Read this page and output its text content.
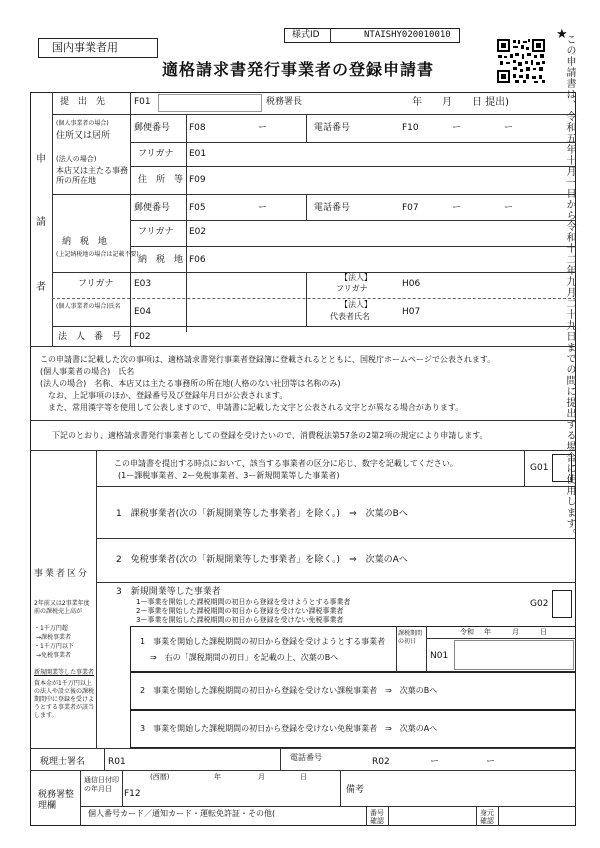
国内事業者用
様式ID	NTAISHY020010010
適格請求書発行事業者の登録申請書
★
この申請書は、令和五年十月一日から令和十二年九月二十九日までの間に提出する場合に使用します。
申
請
者
提　出　先	F01	税務署長	年　　月　　日 提出)
(個人事業者の場合)
住所又は居所
(法人の場合)
本店又は主たる事務所の所在地
郵便番号 F08	ー	電話番号	F10	ー	ー
フリガナ E01
住　所　等 F09
郵便番号 F05	ー	電話番号	F07	ー	ー
フリガナ E02
納　税　地
(上記納税地の場合は記載不要)
納　税　地 F06
フリガナ E03
【法人】
フリガナ	H06
(個人事業者の場合)氏名
E04
【法人】
代表者氏名	H07
法　人　番　号 F02
この申請書に記載した次の事項は、適格請求書発行事業者登録簿に登載されるとともに、国税庁ホームページで公表されます。
(個人事業者の場合)　氏名
(法人の場合)　名称、本店又は主たる事務所の所在地(人格のない社団等は名称のみ)
なお、上記事項のほか、登録番号及び登録年月日が公表されます。
また、常用漢字等を使用して公表しますので、申請書に記載した文字と公表される文字とが異なる場合があります。
下記のとおり、適格請求書発行事業者としての登録を受けたいので、消費税法第57条の2第2項の規定により申請します。
事業者区分
2年前又は2事業年度前の課税売上高が
・1千万円超
→課税事業者
・1千万円以下
→免税事業者
新規開業等した事業者
資本金が1千万円以上の法人や設立後の課税期間中に登録を受けようとする事業者が該当します。
この申請書を提出する時点において、該当する事業者の区分に応じ、数字を記載してください。
(1ー課税事業者、2ー免税事業者、3ー新規開業等した事業者)
G01
1　課税事業者(次の「新規開業等した事業者」を除く。)　⇒　次葉のBへ
2　免税事業者(次の「新規開業等した事業者」を除く。)　⇒　次葉のAへ
3　新規開業等した事業者
1ー事業を開始した課税期間の初日から登録を受けようとする事業者
2ー事業を開始した課税期間の初日から登録を受けない課税事業者
3ー事業を開始した課税期間の初日から登録を受けない免税事業者
G02
1　事業を開始した課税期間の初日から登録を受けようとする事業者
⇒　右の「課税期間の初日」を記載の上、次葉のBへ
課税期間の初日
令和 年	月	日
N01
2　事業を開始した課税期間の初日から登録を受けない課税事業者　⇒　次葉のBへ
3　事業を開始した課税期間の初日から登録を受けない免税事業者　⇒　次葉のAへ
税理士署名	R01	電話番号	R02	ー	ー
税務署整理欄
通信日付印の年月日	F12
(西暦)	年	月	日
備考
個人番号カード／通知カード・運転免許証・その他(	番号確認
身元確認
